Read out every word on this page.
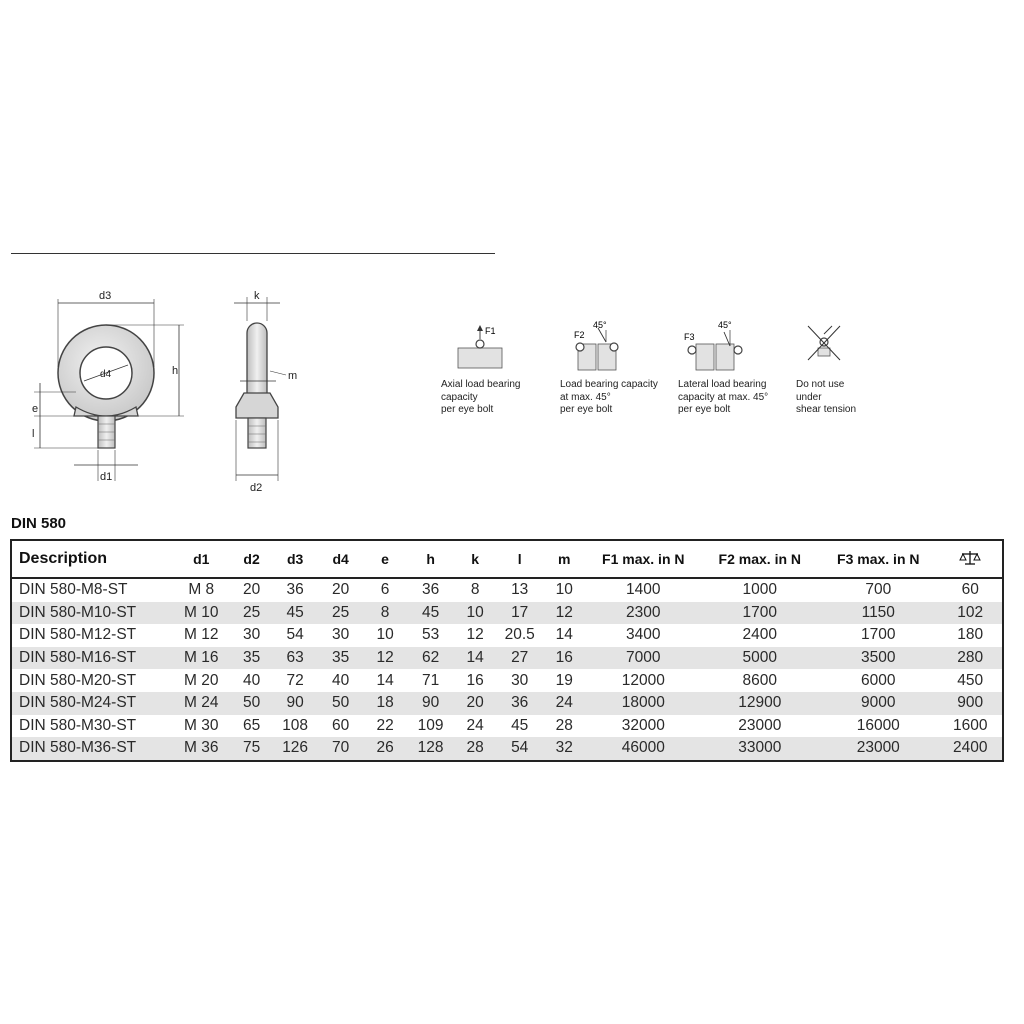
d4
d3
h
e
l
d1
k
m
d2
F1
Axial load bearing
capacity
per eye bolt
F2
45°
Load bearing capacity
at max. 45°
per eye bolt
F3
45°
Lateral load bearing
capacity at max. 45°
per eye bolt
Do not use
under
shear tension
DIN 580
Description	d1	d2	d3	d4	e	h	k	l	m	F1 max. in N	F2 max. in N	F3 max. in N	
DIN 580-M8-ST	M 8	20	36	20	6	36	8	13	10	1400	1000	700	60
DIN 580-M10-ST	M 10	25	45	25	8	45	10	17	12	2300	1700	1150	102
DIN 580-M12-ST	M 12	30	54	30	10	53	12	20.5	14	3400	2400	1700	180
DIN 580-M16-ST	M 16	35	63	35	12	62	14	27	16	7000	5000	3500	280
DIN 580-M20-ST	M 20	40	72	40	14	71	16	30	19	12000	8600	6000	450
DIN 580-M24-ST	M 24	50	90	50	18	90	20	36	24	18000	12900	9000	900
DIN 580-M30-ST	M 30	65	108	60	22	109	24	45	28	32000	23000	16000	1600
DIN 580-M36-ST	M 36	75	126	70	26	128	28	54	32	46000	33000	23000	2400
